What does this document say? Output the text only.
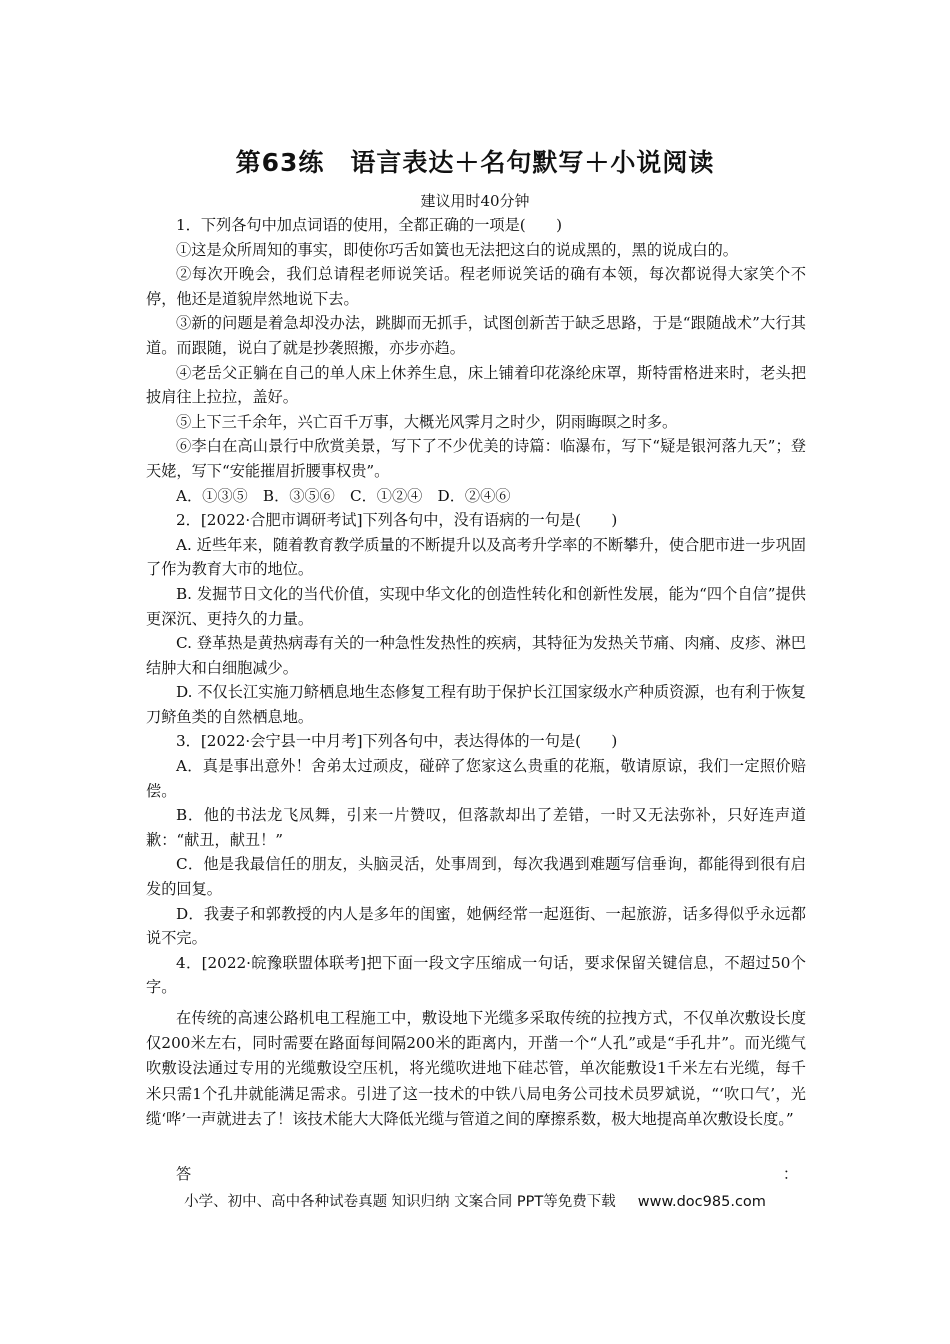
第63练　语言表达＋名句默写＋小说阅读
建议用时40分钟

1．下列各句中加点词语的使用，全都正确的一项是(　　)

①这是众所周知的事实，即使你巧舌如簧也无法把这白的说成黑的，黑的说成白的。

②每次开晚会，我们总请程老师说笑话。程老师说笑话的确有本领，每次都说得大家笑个不停，他还是道貌岸然地说下去。

③新的问题是着急却没办法，跳脚而无抓手，试图创新苦于缺乏思路，于是“跟随战术”大行其道。而跟随，说白了就是抄袭照搬，亦步亦趋。

④老岳父正躺在自己的单人床上休养生息，床上铺着印花涤纶床罩，斯特雷格进来时，老头把披肩往上拉拉，盖好。

⑤上下三千余年，兴亡百千万事，大概光风霁月之时少，阴雨晦暝之时多。

⑥李白在高山景行中欣赏美景，写下了不少优美的诗篇：临瀑布，写下“疑是银河落九天”；登天姥，写下“安能摧眉折腰事权贵”。

A．①③⑤　B．③⑤⑥　C．①②④　D．②④⑥

2．[2022·合肥市调研考试]下列各句中，没有语病的一句是(　　)

A. 近些年来，随着教育教学质量的不断提升以及高考升学率的不断攀升，使合肥市进一步巩固了作为教育大市的地位。

B. 发掘节日文化的当代价值，实现中华文化的创造性转化和创新性发展，能为“四个自信”提供更深沉、更持久的力量。

C. 登革热是黄热病毒有关的一种急性发热性的疾病，其特征为发热关节痛、肉痛、皮疹、淋巴结肿大和白细胞减少。

D. 不仅长江实施刀鲚栖息地生态修复工程有助于保护长江国家级水产种质资源，也有利于恢复刀鲚鱼类的自然栖息地。

3．[2022·会宁县一中月考]下列各句中，表达得体的一句是(　　)

A．真是事出意外！舍弟太过顽皮，碰碎了您家这么贵重的花瓶，敬请原谅，我们一定照价赔偿。

B．他的书法龙飞凤舞，引来一片赞叹，但落款却出了差错，一时又无法弥补，只好连声道歉：“献丑，献丑！”

C．他是我最信任的朋友，头脑灵活，处事周到，每次我遇到难题写信垂询，都能得到很有启发的回复。

D．我妻子和郭教授的内人是多年的闺蜜，她俩经常一起逛街、一起旅游，话多得似乎永远都说不完。

4．[2022·皖豫联盟体联考]把下面一段文字压缩成一句话，要求保留关键信息，不超过50个字。

在传统的高速公路机电工程施工中，敷设地下光缆多采取传统的拉拽方式，不仅单次敷设长度仅200米左右，同时需要在路面每间隔200米的距离内，开凿一个“人孔”或是“手孔井”。而光缆气吹敷设法通过专用的光缆敷设空压机，将光缆吹进地下硅芯管，单次能敷设1千米左右光缆，每千米只需1个孔井就能满足需求。引进了这一技术的中铁八局电务公司技术员罗斌说，“‘吹口气’，光缆‘哗’一声就进去了！该技术能大大降低光缆与管道之间的摩擦系数，极大地提高单次敷设长度。”

答	：
小学、初中、高中各种试卷真题 知识归纳 文案合同 PPT等免费下载 www.doc985.com
